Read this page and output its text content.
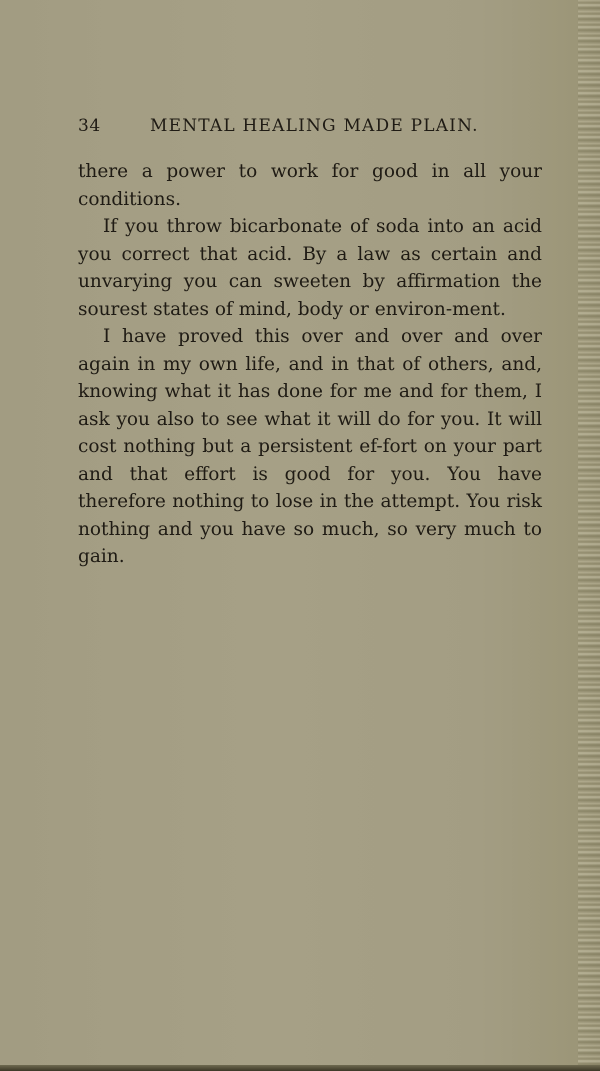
34	MENTAL HEALING MADE PLAIN.

there a power to work for good in all your conditions.

If you throw bicarbonate of soda into an acid you correct that acid. By a law as certain and unvarying you can sweeten by affirmation the sourest states of mind, body or environ-ment.

I have proved this over and over and over again in my own life, and in that of others, and, knowing what it has done for me and for them, I ask you also to see what it will do for you. It will cost nothing but a persistent ef-fort on your part and that effort is good for you. You have therefore nothing to lose in the attempt. You risk nothing and you have so much, so very much to gain.
